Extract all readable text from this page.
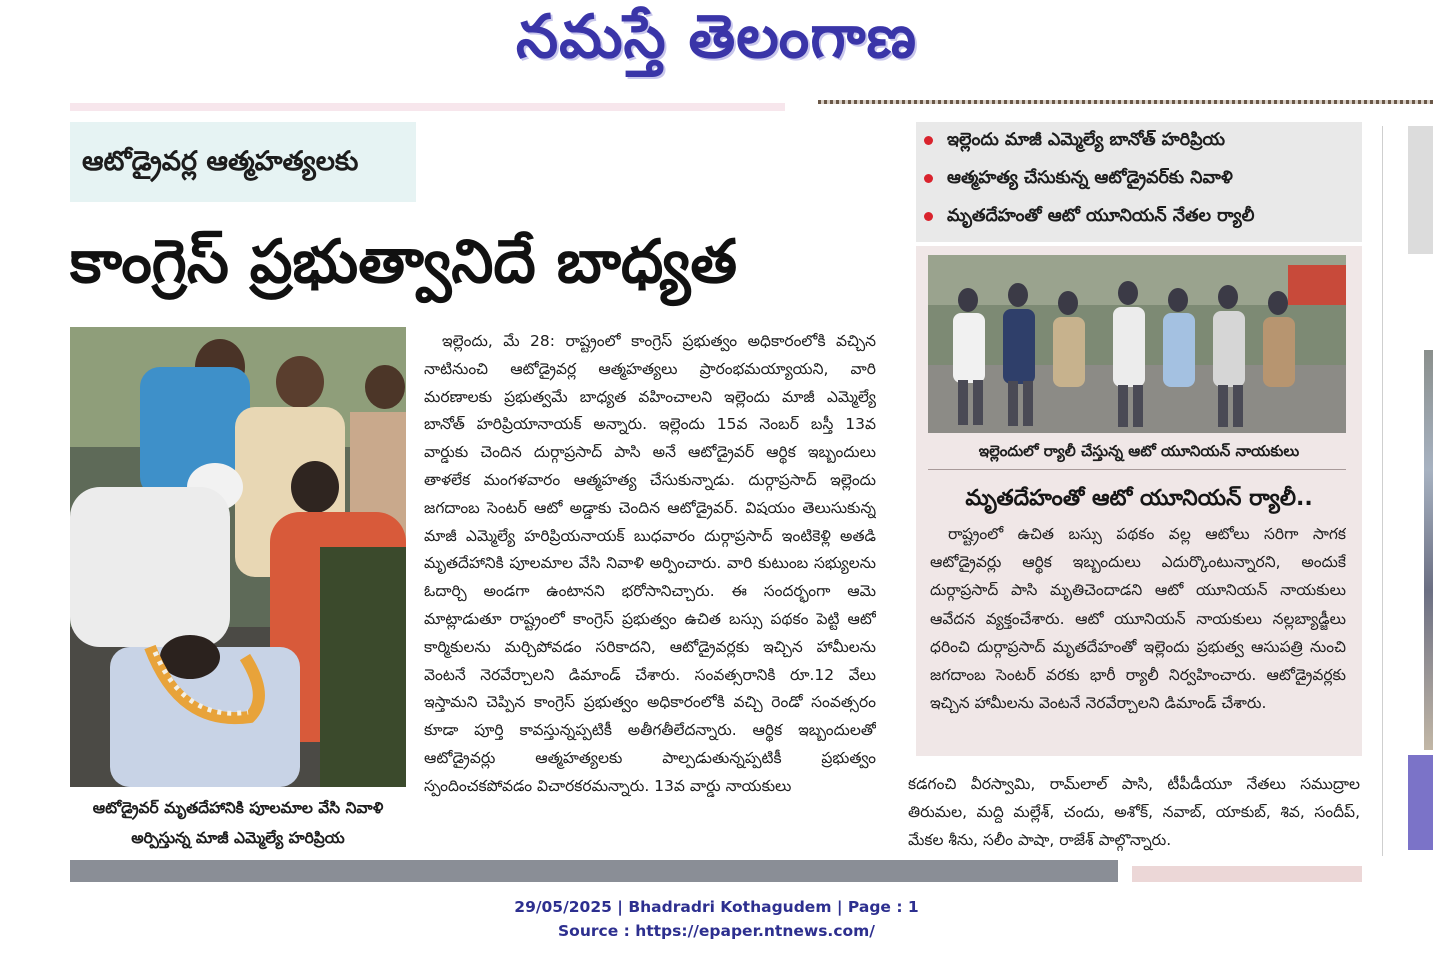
నమస్తే తెలంగాణ
ఆటోడ్రైవర్ల ఆత్మహత్యలకు
కాంగ్రెస్ ప్రభుత్వానిదే బాధ్యత
ఆటోడ్రైవర్ మృతదేహానికి పూలమాల వేసి నివాళి అర్పిస్తున్న మాజీ ఎమ్మెల్యే హరిప్రియ
ఇల్లెందు, మే 28: రాష్ట్రంలో కాంగ్రెస్ ప్రభుత్వం అధికారంలోకి వచ్చిన నాటినుంచి ఆటోడ్రైవర్ల ఆత్మహత్యలు ప్రారంభమయ్యాయని, వారి మరణాలకు ప్రభుత్వమే బాధ్యత వహించాలని ఇల్లెందు మాజీ ఎమ్మెల్యే బానోత్ హరిప్రియానాయక్ అన్నారు. ఇల్లెందు 15వ నెంబర్ బస్తీ 13వ వార్డుకు చెందిన దుర్గాప్రసాద్ పాసి అనే ఆటోడ్రైవర్ ఆర్థిక ఇబ్బందులు తాళలేక మంగళవారం ఆత్మహత్య చేసుకున్నాడు. దుర్గాప్రసాద్ ఇల్లెందు జగదాంబ సెంటర్ ఆటో అడ్డాకు చెందిన ఆటోడ్రైవర్. విషయం తెలుసుకున్న మాజీ ఎమ్మెల్యే హరిప్రియనాయక్ బుధవారం దుర్గాప్రసాద్ ఇంటికెళ్లి అతడి మృతదేహానికి పూలమాల వేసి నివాళి అర్పించారు. వారి కుటుంబ సభ్యులను ఓదార్చి అండగా ఉంటానని భరోసానిచ్చారు. ఈ సందర్భంగా ఆమె మాట్లాడుతూ రాష్ట్రంలో కాంగ్రెస్ ప్రభుత్వం ఉచిత బస్సు పథకం పెట్టి ఆటో కార్మికులను మర్చిపోవడం సరికాదని, ఆటోడ్రైవర్లకు ఇచ్చిన హామీలను వెంటనే నెరవేర్చాలని డిమాండ్ చేశారు. సంవత్సరానికి రూ.12 వేలు ఇస్తామని చెప్పిన కాంగ్రెస్ ప్రభుత్వం అధికారంలోకి వచ్చి రెండో సంవత్సరం కూడా పూర్తి కావస్తున్నప్పటికీ అతీగతీలేదన్నారు. ఆర్థిక ఇబ్బందులతో ఆటోడ్రైవర్లు ఆత్మహత్యలకు పాల్పడుతున్నప్పటికీ ప్రభుత్వం స్పందించకపోవడం విచారకరమన్నారు. 13వ వార్డు నాయకులు
ఇల్లెందు మాజీ ఎమ్మెల్యే బానోత్ హరిప్రియ
ఆత్మహత్య చేసుకున్న ఆటోడ్రైవర్‌కు నివాళి
మృతదేహంతో ఆటో యూనియన్ నేతల ర్యాలీ
ఇల్లెందులో ర్యాలీ చేస్తున్న ఆటో యూనియన్ నాయకులు
మృతదేహంతో ఆటో యూనియన్ ర్యాలీ..
రాష్ట్రంలో ఉచిత బస్సు పథకం వల్ల ఆటోలు సరిగా సాగక ఆటోడ్రైవర్లు ఆర్థిక ఇబ్బందులు ఎదుర్కొంటున్నారని, అందుకే దుర్గాప్రసాద్ పాసి మృతిచెందాడని ఆటో యూనియన్ నాయకులు ఆవేదన వ్యక్తంచేశారు. ఆటో యూనియన్ నాయకులు నల్లబ్యాడ్జీలు ధరించి దుర్గాప్రసాద్ మృతదేహంతో ఇల్లెందు ప్రభుత్వ ఆసుపత్రి నుంచి జగదాంబ సెంటర్ వరకు భారీ ర్యాలీ నిర్వహించారు. ఆటోడ్రైవర్లకు ఇచ్చిన హామీలను వెంటనే నెరవేర్చాలని డిమాండ్ చేశారు.
కడగంచి వీరస్వామి, రామ్‌లాల్ పాసి, టీపీడీయూ నేతలు సముద్రాల తిరుమల, మద్ది మల్లేశ్, చందు, అశోక్, నవాబ్, యాకుబ్, శివ, సందీప్, మేకల శీను, సలీం పాషా, రాజేశ్ పాల్గొన్నారు.
29/05/2025 | Bhadradri Kothagudem | Page : 1
Source : https://epaper.ntnews.com/
